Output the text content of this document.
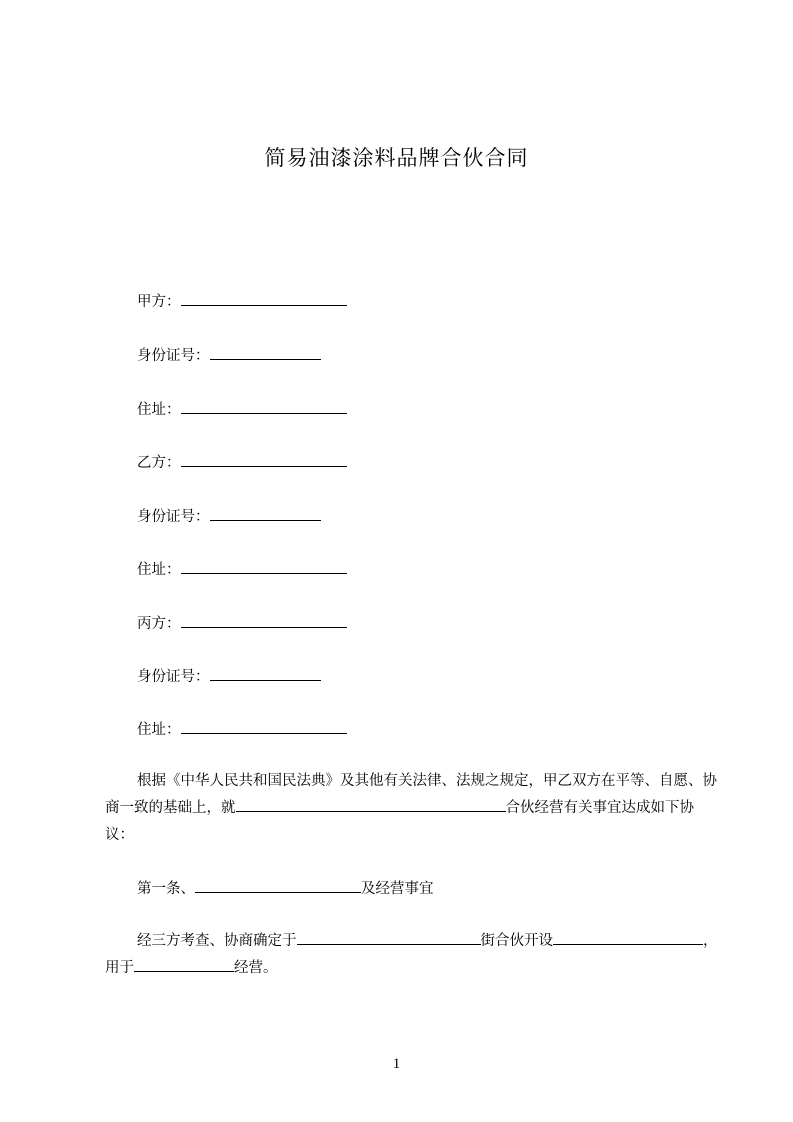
简易油漆涂料品牌合伙合同
甲方：
身份证号：
住址：
乙方：
身份证号：
住址：
丙方：
身份证号：
住址：
根据《中华人民共和国民法典》及其他有关法律、法规之规定，甲乙双方在平等、自愿、协商一致的基础上，就	合伙经营有关事宜达成如下协议：
第一条、	及经营事宜
经三方考查、协商确定于	街合伙开设	，用于	经营。
1
